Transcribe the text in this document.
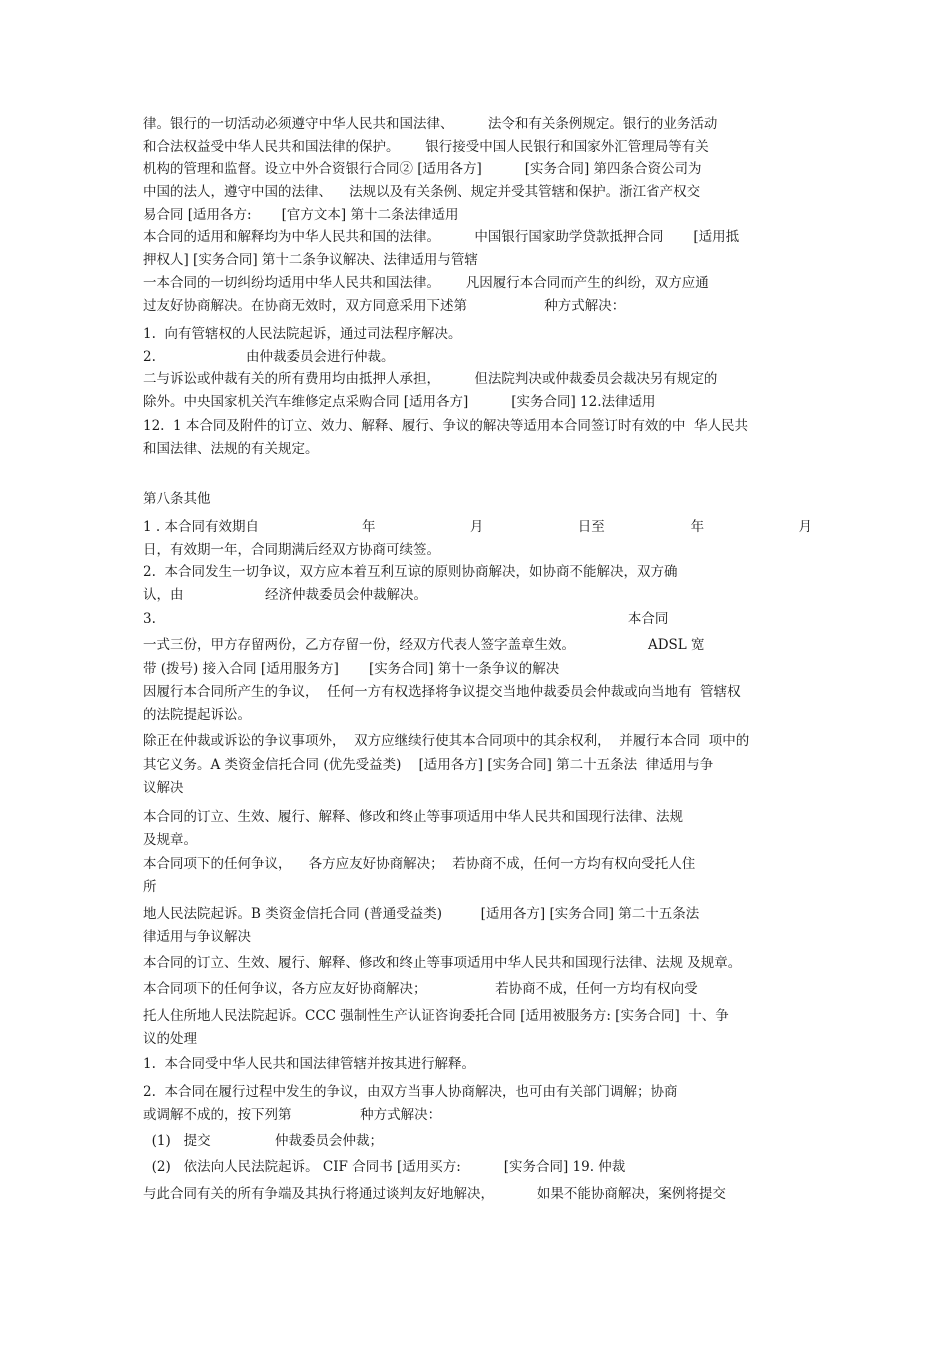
律。银行的一切活动必须遵守中华人民共和国法律、        法令和有关条例规定。银行的业务活动
和合法权益受中华人民共和国法律的保护。      银行接受中国人民银行和国家外汇管理局等有关
机构的管理和监督。设立中外合资银行合同② [适用各方]          [实务合同] 第四条合资公司为
中国的法人，遵守中国的法律、    法规以及有关条例、规定并受其管辖和保护。浙江省产权交
易合同 [适用各方:       [官方文本] 第十二条法律适用
本合同的适用和解释均为中华人民共和国的法律。        中国银行国家助学贷款抵押合同       [适用抵
押权人] [实务合同] 第十二条争议解决、法律适用与管辖
一本合同的一切纠纷均适用中华人民共和国法律。      凡因履行本合同而产生的纠纷，双方应通
过友好协商解决。在协商无效时，双方同意采用下述第                  种方式解决：
1.  向有管辖权的人民法院起诉，通过司法程序解决。
2.                     由仲裁委员会进行仲裁。
二与诉讼或仲裁有关的所有费用均由抵押人承担，        但法院判决或仲裁委员会裁决另有规定的
除外。中央国家机关汽车维修定点采购合同 [适用各方]          [实务合同] 12.法律适用
12.  1 本合同及附件的订立、效力、解释、履行、争议的解决等适用本合同签订时有效的中  华人民共
和国法律、法规的有关规定。
第八条其他
1 . 本合同有效期自                        年                      月                      日至                    年                      月
日，有效期一年，合同期满后经双方协商可续签。
2.  本合同发生一切争议，双方应本着互利互谅的原则协商解决，如协商不能解决，双方确
认，由                   经济仲裁委员会仲裁解决。
3.                                                                                                              本合同
一式三份，甲方存留两份，乙方存留一份，经双方代表人签字盖章生效。                 ADSL 宽
带 (拨号) 接入合同 [适用服务方]       [实务合同] 第十一条争议的解决
因履行本合同所产生的争议，  任何一方有权选择将争议提交当地仲裁委员会仲裁或向当地有  管辖权
的法院提起诉讼。
除正在仲裁或诉讼的争议事项外，  双方应继续行使其本合同项中的其余权利，  并履行本合同  项中的
其它义务。A 类资金信托合同 (优先受益类)    [适用各方] [实务合同] 第二十五条法  律适用与争
议解决
本合同的订立、生效、履行、解释、修改和终止等事项适用中华人民共和国现行法律、法规
及规章。
本合同项下的任何争议，    各方应友好协商解决；  若协商不成，任何一方均有权向受托人住
所
地人民法院起诉。B 类资金信托合同 (普通受益类)         [适用各方] [实务合同] 第二十五条法
律适用与争议解决
本合同的订立、生效、履行、解释、修改和终止等事项适用中华人民共和国现行法律、法规 及规章。
本合同项下的任何争议，各方应友好协商解决；                若协商不成，任何一方均有权向受
托人住所地人民法院起诉。CCC 强制性生产认证咨询委托合同 [适用被服务方: [实务合同]  十、争
议的处理
1.  本合同受中华人民共和国法律管辖并按其进行解释。
2.  本合同在履行过程中发生的争议，由双方当事人协商解决，也可由有关部门调解；协商
或调解不成的，按下列第                种方式解决：
(1)   提交               仲裁委员会仲裁；
(2)   依法向人民法院起诉。 CIF 合同书 [适用买方:          [实务合同] 19. 仲裁
与此合同有关的所有争端及其执行将通过谈判友好地解决，          如果不能协商解决，案例将提交
